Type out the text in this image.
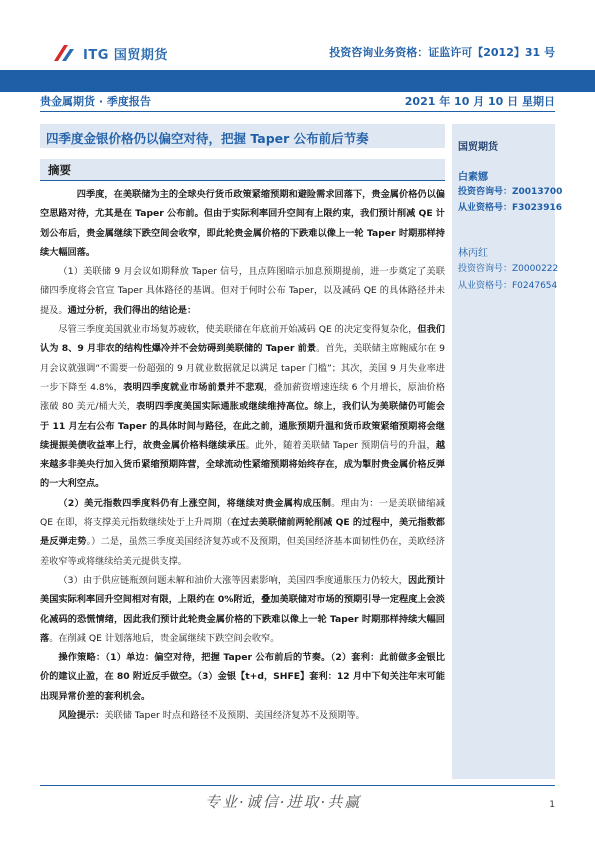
ITG 国贸期货	投资咨询业务资格：证监许可【2012】31 号
贵金属期货 · 季度报告	2021 年 10 月 10 日 星期日
四季度金银价格仍以偏空对待，把握 Taper 公布前后节奏
国贸期货
白素娜
投资咨询号：Z0013700
从业资格号：F3023916
林丙红
投资咨询号：Z0000222
从业资格号：F0247654
摘要

四季度，在美联储为主的全球央行货币政策紧缩预期和避险需求回落下，贵金属价格仍以偏空思路对待，尤其是在 Taper 公布前。但由于实际利率回升空间有上限约束，我们预计削减 QE 计划公布后，贵金属继续下跌空间会收窄，即此轮贵金属价格的下跌难以像上一轮 Taper 时期那样持续大幅回落。

（1）美联储 9 月会议如期释放 Taper 信号，且点阵图暗示加息预期提前，进一步奠定了美联储四季度将会官宣 Taper 具体路径的基调。但对于何时公布 Taper，以及减码 QE 的具体路径并未提及。通过分析，我们得出的结论是：

尽管三季度美国就业市场复苏疲软，使美联储在年底前开始减码 QE 的决定变得复杂化，但我们认为 8、9 月非农的结构性爆冷并不会妨碍到美联储的 Taper 前景。首先，美联储主席鲍威尔在 9 月会议就强调“不需要一份超强的 9 月就业数据就足以满足 taper 门槛”；其次，美国 9 月失业率进一步下降至 4.8%，表明四季度就业市场前景并不悲观，叠加薪资增速连续 6 个月增长，原油价格涨破 80 美元/桶大关，表明四季度美国实际通胀或继续维持高位。综上，我们认为美联储仍可能会于 11 月左右公布 Taper 的具体时间与路径，在此之前，通胀预期升温和货币政策紧缩预期将会继续提振美债收益率上行，故贵金属价格料继续承压。此外，随着美联储 Taper 预期信号的升温，越来越多非美央行加入货币紧缩预期阵营，全球流动性紧缩预期将始终存在，成为掣肘贵金属价格反弹的一大利空点。

（2）美元指数四季度料仍有上涨空间，将继续对贵金属构成压制。理由为：一是美联储缩减 QE 在即，将支撑美元指数继续处于上升周期（在过去美联储前两轮削减 QE 的过程中，美元指数都是反弹走势。）二是，虽然三季度美国经济复苏或不及预期，但美国经济基本面韧性仍在，美欧经济差收窄等或将继续给美元提供支撑。

（3）由于供应链瓶颈问题未解和油价大涨等因素影响，美国四季度通胀压力仍较大，因此预计美国实际利率回升空间相对有限，上限约在 0%附近，叠加美联储对市场的预期引导一定程度上会淡化减码的恐慌情绪，因此我们预计此轮贵金属价格的下跌难以像上一轮 Taper 时期那样持续大幅回落。在削减 QE 计划落地后，贵金属继续下跌空间会收窄。

操作策略：（1）单边：偏空对待，把握 Taper 公布前后的节奏。（2）套利：此前做多金银比价的建议止盈，在 80 附近反手做空。（3）金银【t+d，SHFE】套利：12 月中下旬关注年末可能出现异常价差的套利机会。

风险提示：美联储 Taper 时点和路径不及预期、美国经济复苏不及预期等。

专业·诚信·进取·共赢	1
